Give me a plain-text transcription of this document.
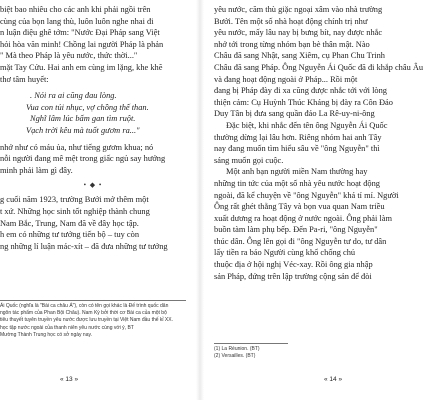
biệt bao nhiêu cho các anh khi phải ngồi trên
cùng của bọn lang thù, luôn luôn nghe nhai đi
n luận điệu ghê tởm: "Nước Đại Pháp sang Việt
hỏi hòa văn minh! Chồng lai người Pháp là phản
" Mà theo Pháp là yêu nước, thức thời..."
mặt Tay Cửu. Hai anh em cùng im lặng, khe khẽ
thơ tâm huyết:
. Nói ra ai cũng đau lòng.
Vua con tủi nhục, vợ chồng thế than.
Nghĩ lâm lúc bấm gan tìm ruột.
Vạch trời kêu mà tuốt gươm ra..."
nhớ như có máu ủa, như tiếng gươm khua; nó
nỗi người đang mê mệt trong giấc ngủ say hướng
minh phải làm gì đây.
• ◆ •
g cuối năm 1923, trường Bưởi mở thêm một
t xứ. Những học sinh tốt nghiệp thành chung
Nam Bắc, Trung, Nam đã về đây học tập.
h em có những tư tưởng tiến bộ – tuy còn
ng những lí luận mác-xít – đã đưa những tư tưởng
Ái Quốc (nghĩa là "Bài ca châu Á"), còn có tên gọi khác là Đế trình quốc dân
ngôn tác phẩm của Phan Bội Châu). Nam Kỳ bởi thời cơ Bài ca của một bộ
tiêu thuyết tuyên truyền yêu nước được lưu truyền tại Việt Nam đầu thế kỉ XX.
học tập nước ngoài của thanh niên yêu nước cùng với ý, BT
Mường Thành Trung học có sở ngày nay.
« 13 »
yêu nước, căm thù giặc ngoại xâm vào nhà trường
Bưởi. Tên một số nhà hoạt động chính trị như
yêu nước, mấy lâu nay bị bưng bít, nay được nhắc
nhớ tới trong từng nhóm bạn bè thân mật. Nào
Châu đã sang Nhật, sang Xiêm, cụ Phan Chu Trinh
Châu đã sang Pháp. Ông Nguyễn Ái Quốc đã đi khắp châu Âu
và đang hoạt động ngoài ở Pháp... Rồi một
đang bị Pháp đày đi xa cũng được nhắc tới với lòng
thiện cảm: Cụ Huỳnh Thúc Kháng bị đày ra Côn Đảo
Duy Tân bị đưa sang quần đảo La Rê-uy-ni-ông
Đặc biệt, khi nhắc đến tên ông Nguyễn Ái Quốc
thường dừng lại lâu hơn. Riêng nhóm hai anh Tây
nay đang muốn tìm hiểu sâu về "ông Nguyễn" thì
sáng muốn gọi cuộc.
Một anh bạn người miền Nam thường hay
những tin tức của một số nhà yêu nước hoạt động
ngoài, đã kể chuyện về "ông Nguyễn" khá tỉ mỉ. Người
Ông rất ghét thằng Tây và bọn vua quan Nam triều
xuất dương ra hoạt động ở nước ngoài. Ông phải làm
buồn tàm làm phụ bếp. Đến Pa-ri, "ông Nguyễn"
thúc dân. Ông lên gọi đi "ông Nguyễn tư do, tư dân
lấy tiền ra báo Người cùng khổ chống chủ
thuộc địa ở hội nghị Véc-xay. Rồi ông gia nhập
sản Pháp, đứng trên lập trường cộng sản để đòi
(1) La Réunion. (BT)
(2) Versailles. (BT)
« 14 »
